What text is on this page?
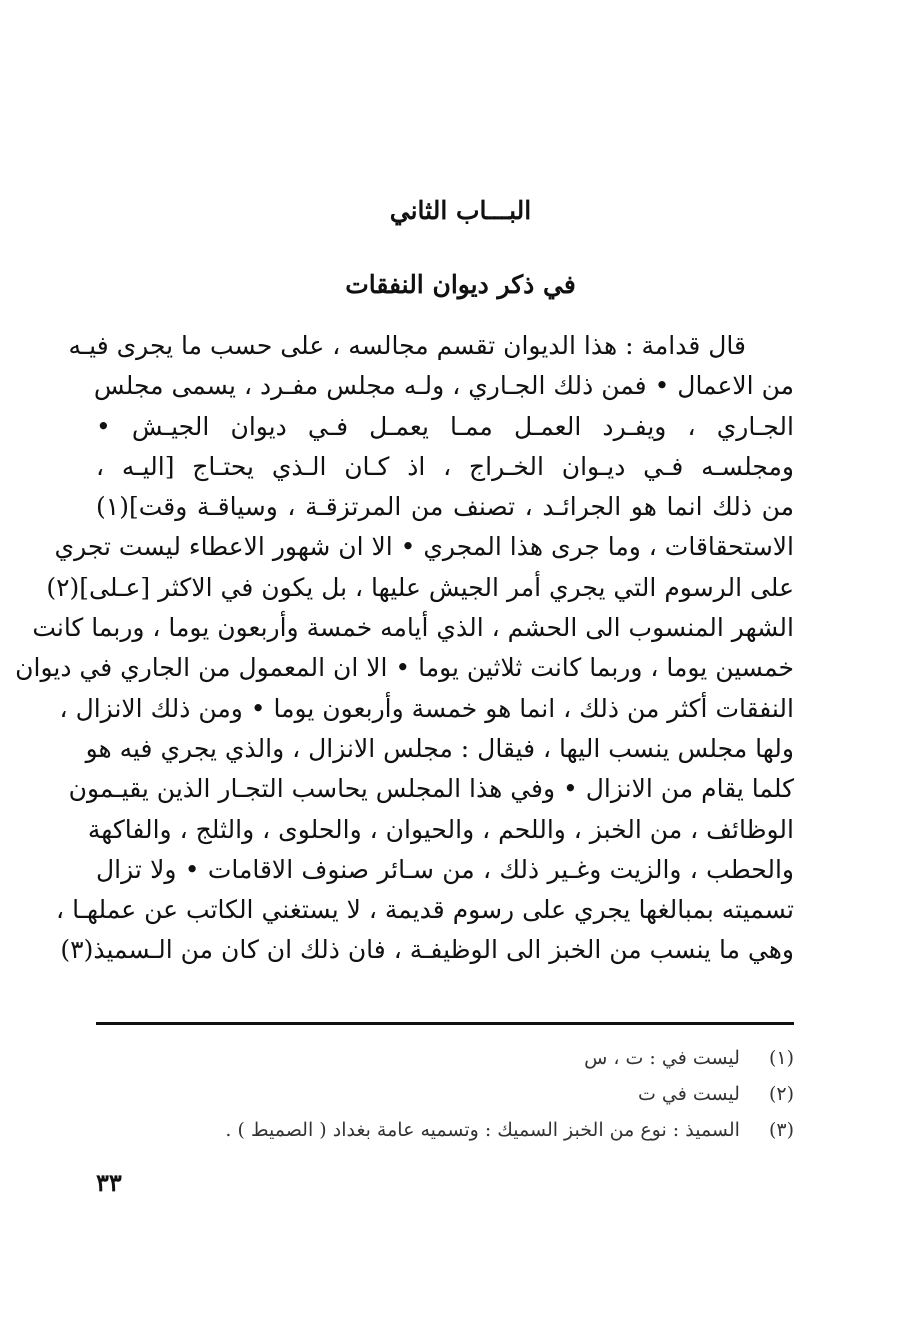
البـــاب الثاني
في ذكر ديوان النفقات
قال قدامة : هذا الديوان تقسم مجالسه ، على حسب ما يجرى فيـه
من الاعمال • فمن ذلك الجـاري ، ولـه مجلس مفـرد ، يسمى مجلس
الجـاري ، ويفـرد العمـل ممـا يعمـل فـي ديوان الجيـش •
ومجلسـه فـي ديـوان الخـراج ، اذ كـان الـذي يحتـاج [اليـه ،
من ذلك انما هو الجرائـد ، تصنف من المرتزقـة ، وسياقـة وقت](١)
الاستحقاقات ، وما جرى هذا المجري • الا ان شهور الاعطاء ليست تجري
على الرسوم التي يجري أمر الجيش عليها ، بل يكون في الاكثر [عـلى](٢)
الشهر المنسوب الى الحشم ، الذي أيامه خمسة وأربعون يوما ، وربما كانت
خمسين يوما ، وربما كانت ثلاثين يوما • الا ان المعمول من الجاري في ديوان
النفقات أكثر من ذلك ، انما هو خمسة وأربعون يوما • ومن ذلك الانزال ،
ولها مجلس ينسب اليها ، فيقال : مجلس الانزال ، والذي يجري فيه هو
كلما يقام من الانزال • وفي هذا المجلس يحاسب التجـار الذين يقيـمون
الوظائف ، من الخبز ، واللحم ، والحيوان ، والحلوى ، والثلج ، والفاكهة
والحطب ، والزيت وغـير ذلك ، من سـائر صنوف الاقامات • ولا تزال
تسميته بمبالغها يجري على رسوم قديمة ، لا يستغني الكاتب عن عملهـا ،
وهي ما ينسب من الخبز الى الوظيفـة ، فان ذلك ان كان من الـسميذ(٣)
(١) ليست في : ت ، س
(٢) ليست في ت
(٣) السميذ : نوع من الخبز السميك : وتسميه عامة بغداد ( الصميط ) .
٣٣
